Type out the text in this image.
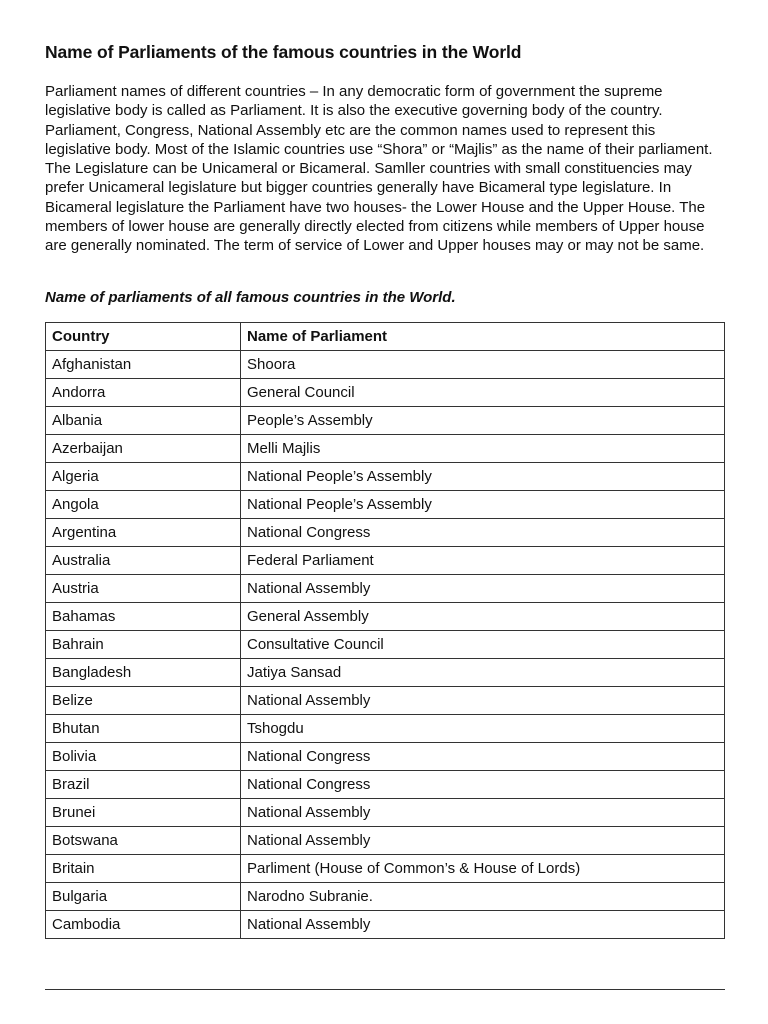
Name of Parliaments of the famous countries in the World

Parliament names of different countries – In any democratic form of government the supreme legislative body is called as Parliament. It is also the executive governing body of the country. Parliament, Congress, National Assembly etc are the common names used to represent this legislative body. Most of the Islamic countries use “Shora” or “Majlis” as the name of their parliament. The Legislature can be Unicameral or Bicameral. Samller countries with small constituencies may prefer Unicameral legislature but bigger countries generally have Bicameral type legislature. In Bicameral legislature the Parliament have two houses- the Lower House and the Upper House. The members of lower house are generally directly elected from citizens while members of Upper house are generally nominated. The term of service of Lower and Upper houses may or may not be same.

Name of parliaments of all famous countries in the World.

Country	Name of Parliament
Afghanistan	Shoora
Andorra	General Council
Albania	People’s Assembly
Azerbaijan	Melli Majlis
Algeria	National People’s Assembly
Angola	National People’s Assembly
Argentina	National Congress
Australia	Federal Parliament
Austria	National Assembly
Bahamas	General Assembly
Bahrain	Consultative Council
Bangladesh	Jatiya Sansad
Belize	National Assembly
Bhutan	Tshogdu
Bolivia	National Congress
Brazil	National Congress
Brunei	National Assembly
Botswana	National Assembly
Britain	Parliment (House of Common’s & House of Lords)
Bulgaria	Narodno Subranie.
Cambodia	National Assembly
